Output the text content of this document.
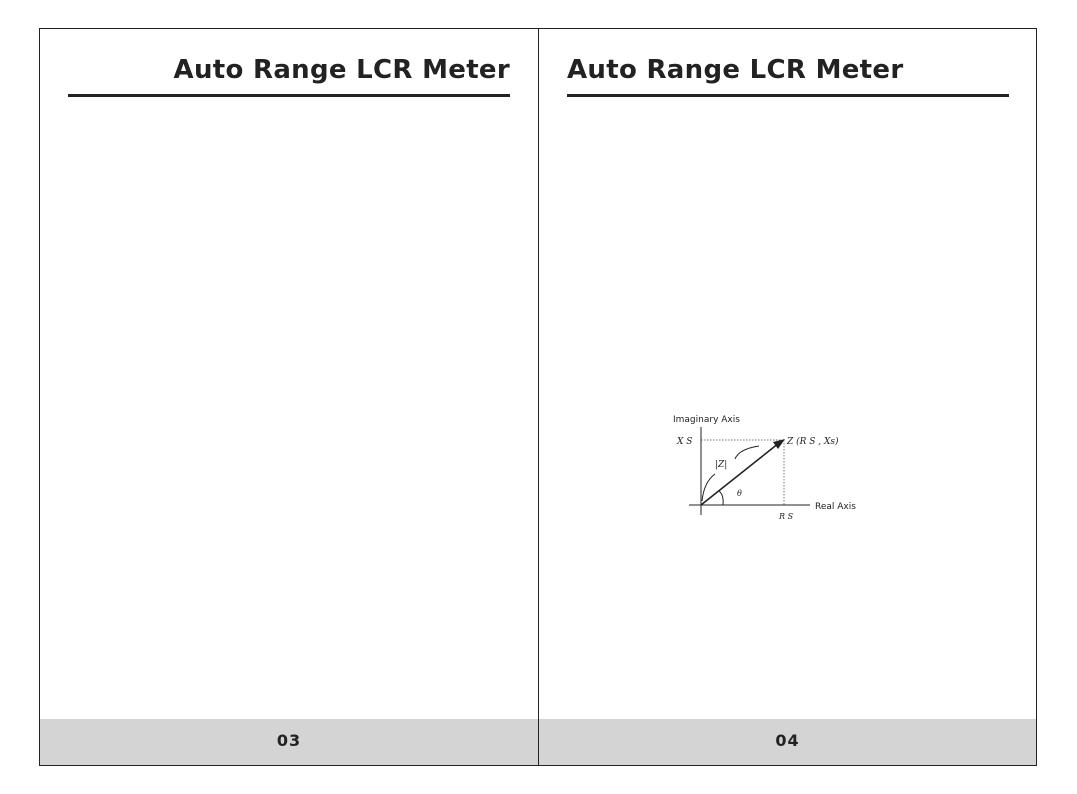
Auto Range LCR Meter
03
Auto Range LCR Meter
Imaginary Axis
Real Axis
X S
R S
Z (R S , Xs)
|Z|
θ
04
